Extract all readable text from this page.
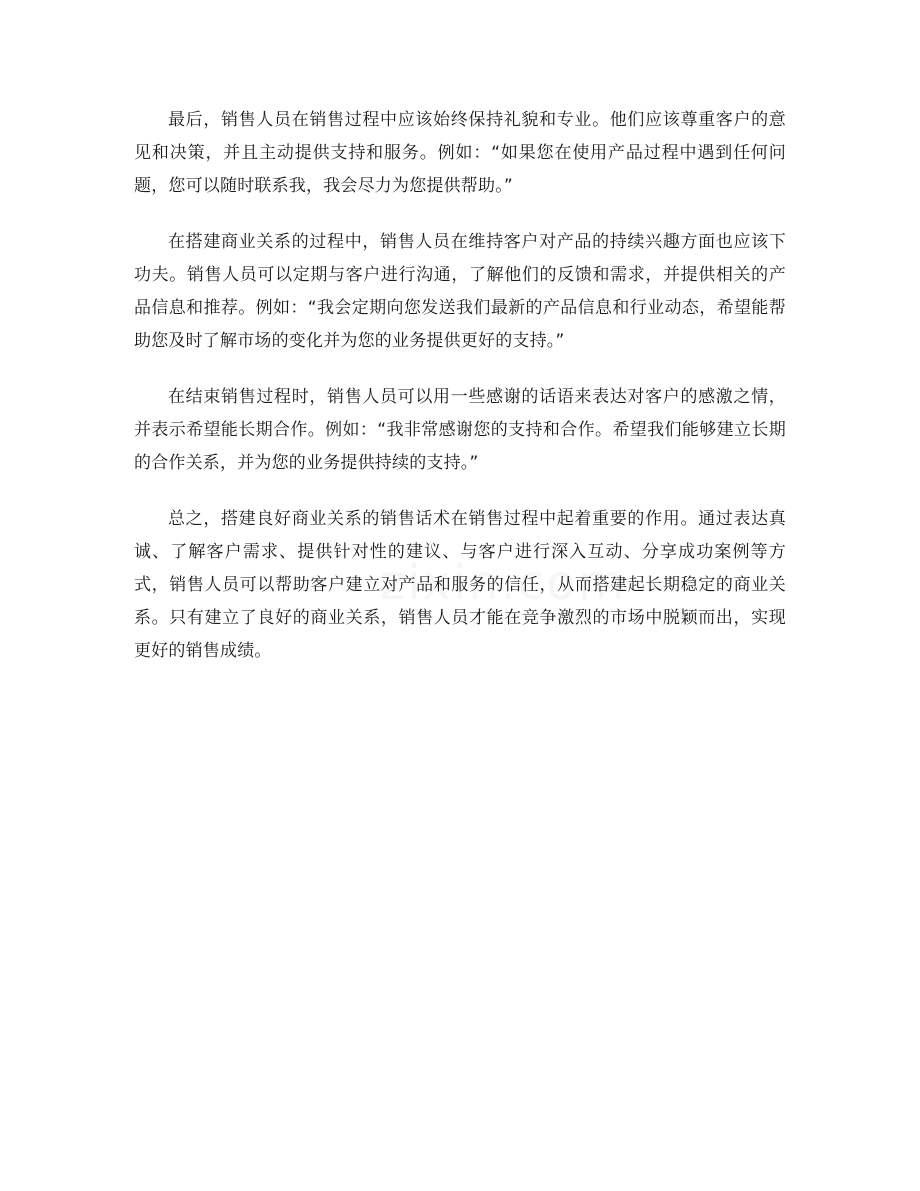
最后，销售人员在销售过程中应该始终保持礼貌和专业。他们应该尊重客户的意见和决策，并且主动提供支持和服务。例如：“如果您在使用产品过程中遇到任何问题，您可以随时联系我，我会尽力为您提供帮助。”

在搭建商业关系的过程中，销售人员在维持客户对产品的持续兴趣方面也应该下功夫。销售人员可以定期与客户进行沟通，了解他们的反馈和需求，并提供相关的产品信息和推荐。例如：“我会定期向您发送我们最新的产品信息和行业动态，希望能帮助您及时了解市场的变化并为您的业务提供更好的支持。”

在结束销售过程时，销售人员可以用一些感谢的话语来表达对客户的感激之情，并表示希望能长期合作。例如：“我非常感谢您的支持和合作。希望我们能够建立长期的合作关系，并为您的业务提供持续的支持。”

总之，搭建良好商业关系的销售话术在销售过程中起着重要的作用。通过表达真诚、了解客户需求、提供针对性的建议、与客户进行深入互动、分享成功案例等方式，销售人员可以帮助客户建立对产品和服务的信任，从而搭建起长期稳定的商业关系。只有建立了良好的商业关系，销售人员才能在竞争激烈的市场中脱颖而出，实现更好的销售成绩。
